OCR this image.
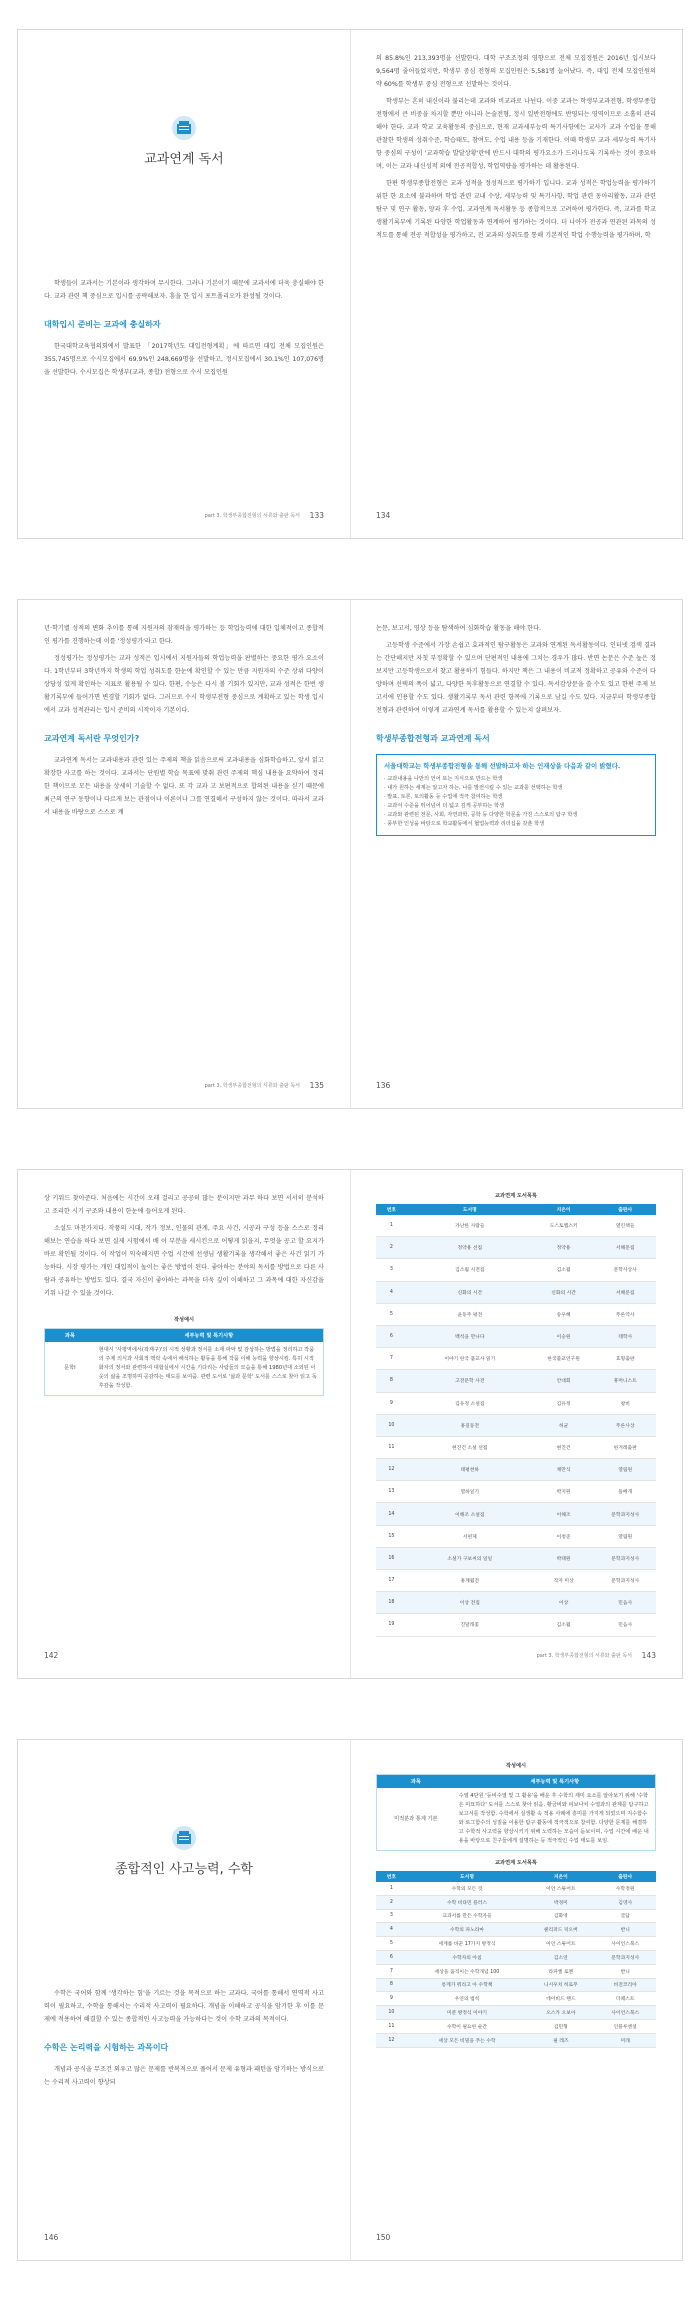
교과연계 독서

학생들이 교과서는 기본이라 생각하며 무시한다. 그러나 기본이기 때문에 교과서에 더욱 충실해야 한다. 교과 관련 책 중심으로 입시를 공략해보자. 흥을 한 입시 포트폴리오가 완성될 것이다.

대학입시 준비는 교과에 충실하자

한국대학교육협의회에서 발표한 「2017학년도 대입전형계획」에 따르면 대입 전체 모집인원은 355,745명으로 수시모집에서 69.9%인 248,669명을 선발하고, 정시모집에서 30.1%인 107,076명을 선발한다. 수시모집은 학생부(교과, 종합) 전형으로 수시 모집인원

part 3. 학생부종합전형의 서류와 출판 독서 133

의 85.8%인 213,393명을 선발한다. 대학 구조조정의 영향으로 전체 모집정원은 2016년 입시보다 9,564명 줄어들었지만, 학생부 중심 전형의 모집인원은 5,581명 늘어났다. 즉, 대입 전체 모집인원의 약 60%를 학생부 중심 전형으로 선발하는 것이다.

학생부는 흔히 내신이라 불리는데 교과와 비교과로 나뉜다. 이중 교과는 학생부교과전형, 학생부종합전형에서 큰 비중을 차지할 뿐만 아니라 논술전형, 정시 일반전형에도 반영되는 영역이므로 소홀히 관리해야 한다. 교과 학교 교육활동의 중심으로, 현재 교과세부능력 특기사항에는 교사가 교과 수업을 통해 관찰한 학생의 성취수준, 학습태도, 참여도, 수업 내용 등을 기재한다. 이때 학생부 교과 세부능력 특기사항 중심의 구성이 '교과학습 발달상황'란에 반드시 대학의 평가요소가 드러나도록 기록하는 것이 중요하며, 이는 교과 내신성적 외에 전공적합성, 학업역량을 평가하는 데 활용된다.

한편 학생부종합전형은 교과 성적을 정성적으로 평가하기 입니다. 교과 성적은 학업능력을 평가하기 위한 한 요소에 불과하며 학업 관련 교내 수상, 세부능력 및 특기사항, 학업 관련 동아리활동, 교과 관련 탐구 및 연구 활동, 양과 후 수업, 교과연계 독서활동 등 종합적으로 고려하여 평가한다. 즉, 교과를 학교생활기록부에 기록된 다양한 학업활동과 연계하여 평가하는 것이다. 더 나아가 전공과 연관된 과목의 성적도를 통해 전공 적합성을 평가하고, 전 교과의 성취도를 통해 기본적인 학업 수행능력을 평가하며, 학

134

년·학기별 성적의 변화 추이를 통해 지원자의 잠재력을 평가하는 등 학업능력에 대한 입체적이고 종합적인 평가를 진행하는데 이를 '정성평가'라고 한다.

정성평가는 정성평가는 교과 성적은 입시에서 지원자들의 학업능력을 판별하는 중요한 평가 요소이다. 1학년부터 3학년까지 학생의 학업 성취도를 한눈에 확인할 수 있는 만큼 지원자의 수준 상위 다양이 상당성 있게 확인하는 지표로 활용될 수 있다. 한편, 수능은 다시 볼 기회가 있지만, 교과 성적은 한번 생활기록부에 들어가면 변경할 기회가 없다. 그러므로 수시 학생부전형 중심으로 계획하고 있는 학생 입시에서 교과 성적관리는 입시 준비의 시작이자 기본이다.

교과연계 독서란 무엇인가?

교과연계 독서는 교과내용과 관련 있는 주제의 책을 읽음으로써 교과내용을 심화학습하고, 앞서 읽고 확장한 사고를 하는 것이다. 교과서는 단원별 학습 목표에 맞춰 관련 주제의 핵심 내용을 요약하여 정리한 책이므로 모든 내용을 상세히 기술할 수 없다. 또 각 교과 고 보편적으로 합의된 내용을 싣기 때문에 최근의 연구 동향이나 다르게 보는 관점이나 이론이나 그를 연결해서 구성하지 않는 것이다. 따라서 교과서 내용을 바탕으로 스스로 계

part 3. 학생부종합전형의 서류와 출판 독서 135

논문, 보고서, 영상 등을 탐색하여 심화학습 활동을 해야 한다.

고등학생 수준에서 가장 손쉽고 효과적인 탐구활동은 교과와 연계된 독서활동이다. 인터넷 검색 결과는 간단해지만 자칫 부정확할 수 있으며 단편적인 내용에 그치는 경우가 많다. 반면 논문은 수준 높은 정보지만 고등학생으로서 찾고 활용하기 힘들다. 하지만 책은 그 내용이 비교적 정확하고 공유와 수준이 다양하며 선택의 폭이 넓고, 다양한 독후활동으로 연결할 수 있다. 독서감상문을 쓸 수도 있고 한편 주제 보고서에 인용할 수도 있다. 생활기록부 독서 관련 항목에 기록으로 남길 수도 있다. 지금부터 학생부종합전형과 관련하여 이렇게 교과연계 독서를 활용할 수 있는지 살펴보자.

학생부종합전형과 교과연계 독서
서울대학교는 학생부종합전형을 통해 선발하고자 하는 인재상을 다음과 같이 밝혔다.
· 교과내용을 나만의 언어 또는 지식으로 만드는 학생
· 내가 원하는 세계는 알고자 하는, 나를 발전시킬 수 있는 교과를 선택하는 학생
· 발표, 토론, 토의활동 등 수업에 적극 참여하는 학생
· 교과서 수준을 뛰어넘어 더 넓고 깊게 공부하는 학생
· 교과와 관련된 전문, 사회, 자연과학, 공학 등 다양한 학문을 가진 스스로의 탐구 학생
· 풍부한 인성을 바탕으로 학교활동에서 협업능력과 리더십을 갖춘 학생
136

상 키워드 찾아준다. 처음에는 시간이 오래 걸리고 공공히 많는 분이지만 과무 하다 보면 서서히 분석하고 조리한 시기 구조와 내용이 한눈에 들어오게 된다.

소설도 마찬가지다. 작품의 시대, 작가 정보, 인물의 관계, 주요 사건, 시공과 구성 등을 스스로 정리해보는 연습을 하다 보면 실제 시험에서 배 이 부분을 새시킨으로 어떻게 읽을지, 무엇을 공고 할 요지가 바로 확인될 것이다. 이 작업이 익숙해지면 수업 시간에 선생님 생활기록을 생각해서 좋은 사건 읽기 가능하다. 시장 평가는 개인 대입적이 높이는 좋은 방법이 된다. 좋아하는 분야의 독서를 방법으로 다른 사람과 공유하는 방법도 있다. 결국 자신이 좋아하는 과목을 더욱 깊이 이해하고 그 과목에 대한 자신감을 키워 나갈 수 있을 것이다.

작성예시
과목	세부능력 및 특기사항
문학I	현대시 '사평역에서(곽재구)'의 시적 상황과 정서를 소재 파악 및 감상하는 방법을 정리하고 작품의 주제 의식과 사회적 맥락 속에서 해석하는 활동을 통해 작품 이해 능력을 향상시킴. 특히 시적 화자의 정서와 관련하여 대합실에서 시간을 기다리는 사람들의 모습을 통해 1980년대 소외된 이웃의 삶을 조명하며 공감하는 태도를 보여줌. 관련 도서로 '삶과 문학' 도서를 스스로 찾아 읽고 독후감을 작성함.
142
교과연계 도서목록
번호	도서명	지은이	출판사
1	가난한 사람들	도스토옙스키	열린책들
2	정약용 선집	정약용	서해문집
3	김소월 시전집	김소월	문학사상사
4	신화의 시간	신화의 시간	서해문집
5	윤동주 평전	송우혜	푸른역사
6	백석을 만나다	이숭원	태학사
7	이야기 한국 불교사 읽기	한국불교연구원	효형출판
8	고전문학 사전	안대회	휴머니스트
9	김유정 소설집	김유정	창비
10	홍길동전	허균	푸른사상
11	현진건 소설 선집	현진건	한겨레출판
12	태평천하	채만식	열림원
13	열하일기	박지원	돌베개
14	이해조 소설집	이해조	문학과지성사
15	서편제	이청준	열림원
16	소설가 구보씨의 일일	박태원	문학과지성사
17	홍계월전	작자 미상	문학과지성사
18	이상 전집	이상	민음사
19	진달래꽃	김소월	민음사
part 3. 학생부종합전형의 서류와 출판 독서 143
종합적인 사고능력, 수학

수학은 국어와 함께 '생각하는 힘'을 기르는 것을 목적으로 하는 교과다. 국어를 통해서 연역적 사고력이 필요하고, 수학을 통해서는 수리적 사고력이 필요하다. 개념을 이해하고 공식을 암기한 후 이를 문제에 적용하여 해결할 수 있는 종합적인 사고능력을 가능하다는 것이 수학 교과의 목적이다.

수학은 논리력을 시험하는 과목이다

개념과 공식을 무조건 외우고 많은 문제를 반복적으로 풀어서 문제 유형과 패턴을 암기하는 방식으로는 수리적 사고력이 향상되

146
작성예시
과목	세부능력 및 특기사항
미적분과 통계 기본	수열 4단원 '등비수열 및 그 활용'을 배운 후 수학의 재미 요소를 알아보기 위해 '수학은 미묘하다' 도서를 스스로 찾아 읽음. 황금비와 피보나치 수열과의 관계를 탐구하고 보고서를 작성함. 수학에서 실생활 속 적용 사례에 흥미를 가지게 되었으며 지수함수와 로그함수의 성질을 이용한 탐구 활동에 적극적으로 참여함. 다양한 문제를 해결하고 수학적 사고력을 향상시키기 위해 노력하는 모습이 돋보이며, 수업 시간에 배운 내용을 바탕으로 친구들에게 설명하는 등 적극적인 수업 태도를 보임.
교과연계 도서목록
번호	도서명	지은이	출판사
1	수학의 모든 것	이언 스튜어트	수학정원
2	수학 비타민 플러스	박경미	김영사
3	교과서를 만든 수학자들	김화영	글담
4	수학의 파노라마	클리퍼드 픽오버	반니
5	세계를 바꾼 17가지 방정식	이언 스튜어트	사이언스북스
6	수학자의 아침	김소연	문학과지성사
7	세상을 움직이는 수학개념 100	라파엘 로젠	반니
8	통계가 뭐라고 아 수학책	니시우치 히로무	비전코리아
9	우연의 법칙	데이비드 핸드	더퀘스트
10	미분 방정식 이야기	오스카 오보아	사이언스북스
11	수학이 필요한 순간	김민형	인플루엔셜
12	세상 모든 비밀을 푸는 수학	필 레즈	미래
150
